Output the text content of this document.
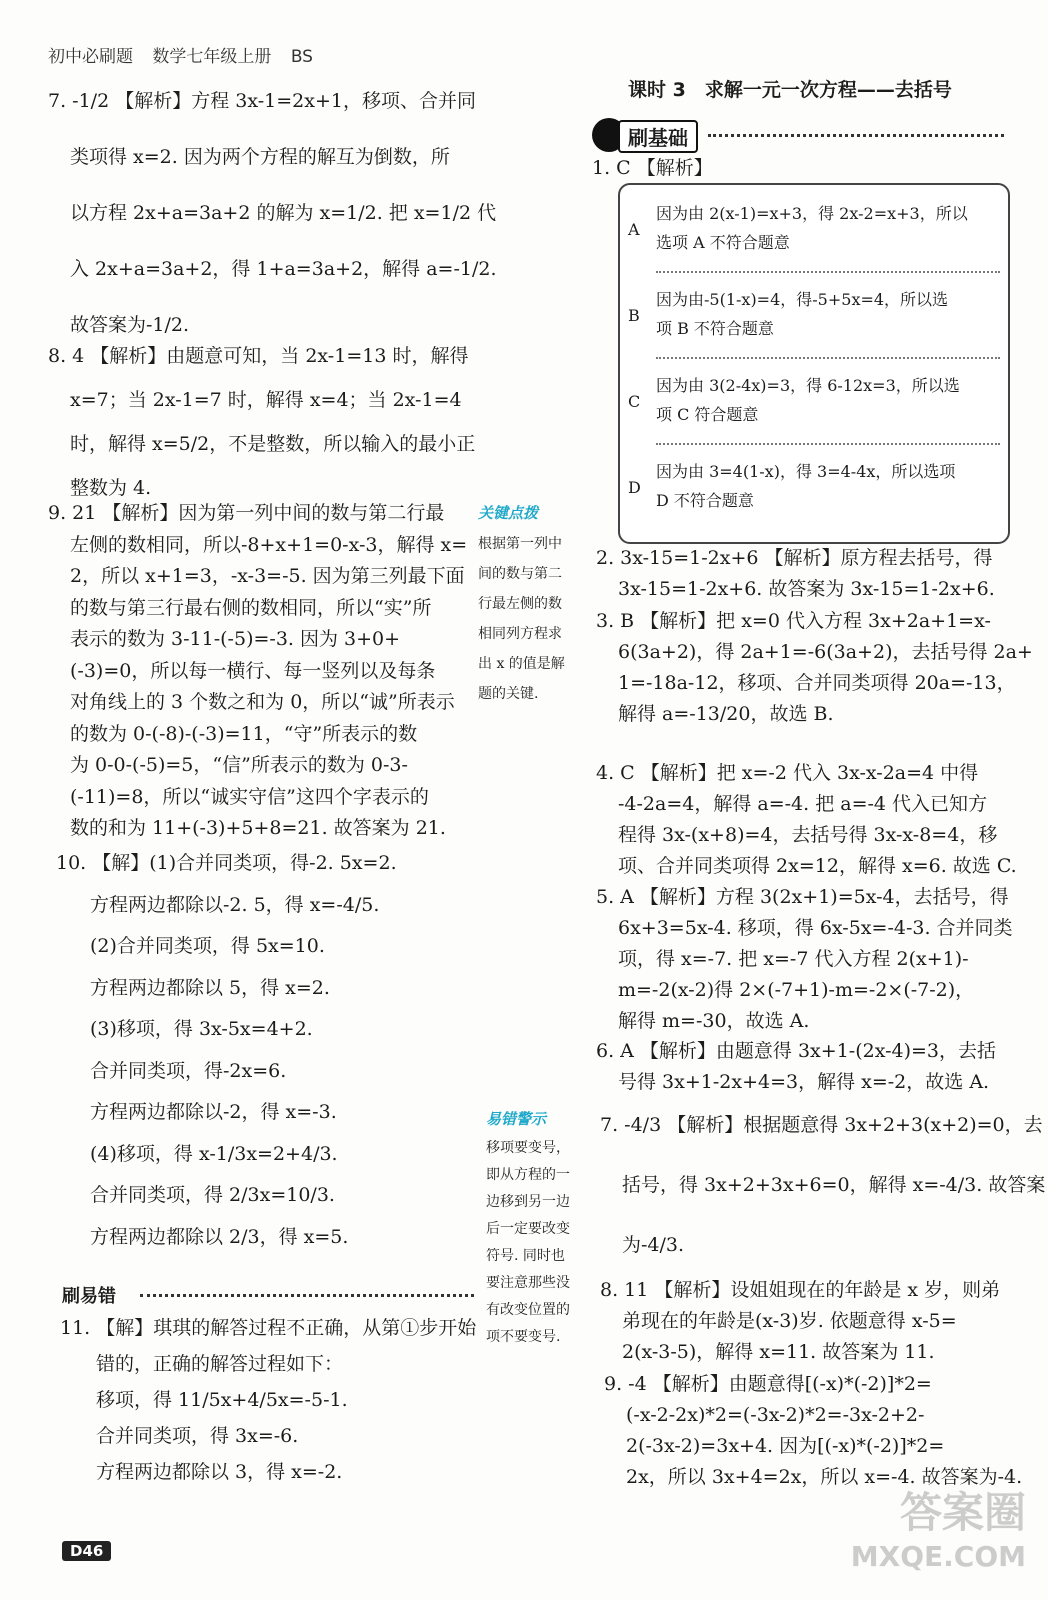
初中必刷题 数学七年级上册 BS
课时 3　求解一元一次方程——去括号
刷基础
7. -1/2 【解析】方程 3x-1=2x+1，移项、合并同
类项得 x=2. 因为两个方程的解互为倒数，所
以方程 2x+a=3a+2 的解为 x=1/2. 把 x=1/2 代
入 2x+a=3a+2，得 1+a=3a+2，解得 a=-1/2.
故答案为-1/2.
8. 4 【解析】由题意可知，当 2x-1=13 时，解得
x=7；当 2x-1=7 时，解得 x=4；当 2x-1=4
时，解得 x=5/2，不是整数，所以输入的最小正
整数为 4.
9. 21 【解析】因为第一列中间的数与第二行最
左侧的数相同，所以-8+x+1=0-x-3，解得 x=
2，所以 x+1=3，-x-3=-5. 因为第三列最下面
的数与第三行最右侧的数相同，所以“实”所
表示的数为 3-11-(-5)=-3. 因为 3+0+
(-3)=0，所以每一横行、每一竖列以及每条
对角线上的 3 个数之和为 0，所以“诚”所表示
的数为 0-(-8)-(-3)=11，“守”所表示的数
为 0-0-(-5)=5，“信”所表示的数为 0-3-
(-11)=8，所以“诚实守信”这四个字表示的
数的和为 11+(-3)+5+8=21. 故答案为 21.
10. 【解】(1)合并同类项，得-2. 5x=2.
方程两边都除以-2. 5，得 x=-4/5.
(2)合并同类项，得 5x=10.
方程两边都除以 5，得 x=2.
(3)移项，得 3x-5x=4+2.
合并同类项，得-2x=6.
方程两边都除以-2，得 x=-3.
(4)移项，得 x-1/3x=2+4/3.
合并同类项，得 2/3x=10/3.
方程两边都除以 2/3，得 x=5.
11. 【解】琪琪的解答过程不正确，从第①步开始
错的，正确的解答过程如下：
移项，得 11/5x+4/5x=-5-1.
合并同类项，得 3x=-6.
方程两边都除以 3，得 x=-2.
关键点拨
根据第一列中
间的数与第二
行最左侧的数
相同列方程求
出 x 的值是解
题的关键.
易错警示
移项要变号，
即从方程的一
边移到另一边
后一定要改变
符号. 同时也
要注意那些没
有改变位置的
项不要变号.
刷易错
1. C 【解析】
A
因为由 2(x-1)=x+3，得 2x-2=x+3，所以
选项 A 不符合题意
B
因为由-5(1-x)=4，得-5+5x=4，所以选
项 B 不符合题意
C
因为由 3(2-4x)=3，得 6-12x=3，所以选
项 C 符合题意
D
因为由 3=4(1-x)，得 3=4-4x，所以选项
D 不符合题意
2. 3x-15=1-2x+6 【解析】原方程去括号，得
3x-15=1-2x+6. 故答案为 3x-15=1-2x+6.
3. B 【解析】把 x=0 代入方程 3x+2a+1=x-
6(3a+2)，得 2a+1=-6(3a+2)，去括号得 2a+
1=-18a-12，移项、合并同类项得 20a=-13，
解得 a=-13/20，故选 B.
4. C 【解析】把 x=-2 代入 3x-x-2a=4 中得
-4-2a=4，解得 a=-4. 把 a=-4 代入已知方
程得 3x-(x+8)=4，去括号得 3x-x-8=4，移
项、合并同类项得 2x=12，解得 x=6. 故选 C.
5. A 【解析】方程 3(2x+1)=5x-4，去括号，得
6x+3=5x-4. 移项，得 6x-5x=-4-3. 合并同类
项，得 x=-7. 把 x=-7 代入方程 2(x+1)-
m=-2(x-2)得 2×(-7+1)-m=-2×(-7-2)，
解得 m=-30，故选 A.
6. A 【解析】由题意得 3x+1-(2x-4)=3，去括
号得 3x+1-2x+4=3，解得 x=-2，故选 A.
7. -4/3 【解析】根据题意得 3x+2+3(x+2)=0，去
括号，得 3x+2+3x+6=0，解得 x=-4/3. 故答案
为-4/3.
8. 11 【解析】设姐姐现在的年龄是 x 岁，则弟
弟现在的年龄是(x-3)岁. 依题意得 x-5=
2(x-3-5)，解得 x=11. 故答案为 11.
9. -4 【解析】由题意得[(-x)*(-2)]*2=
(-x-2-2x)*2=(-3x-2)*2=-3x-2+2-
2(-3x-2)=3x+4. 因为[(-x)*(-2)]*2=
2x，所以 3x+4=2x，所以 x=-4. 故答案为-4.
D46
答案圈
MXQE.COM
